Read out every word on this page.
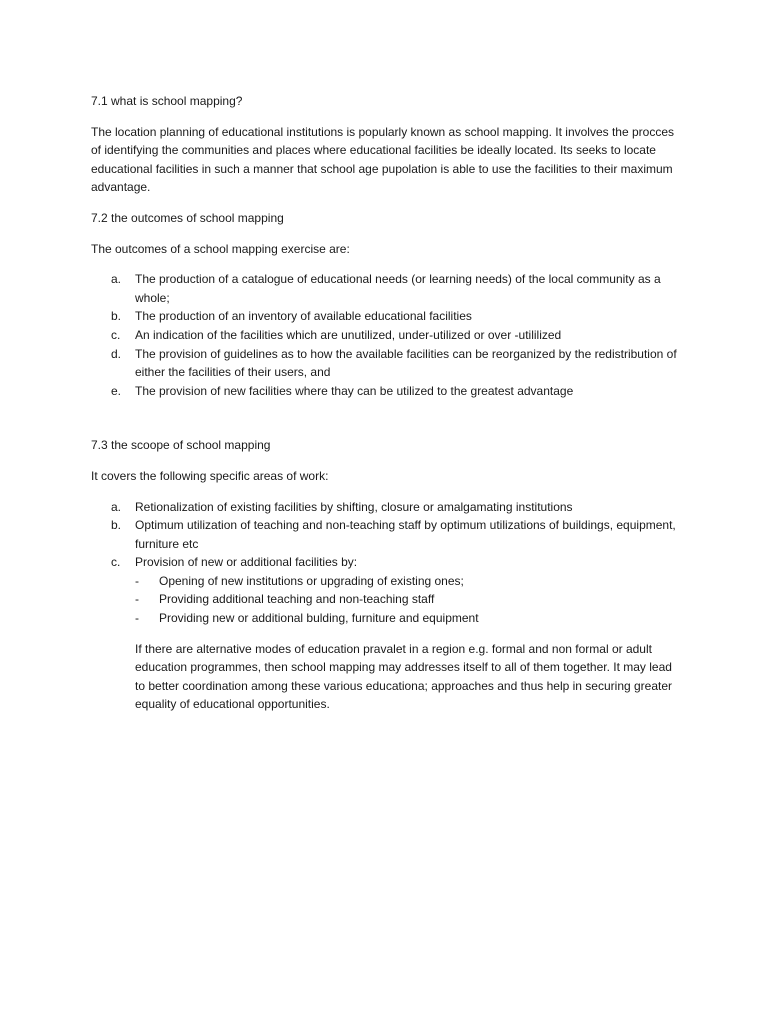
7.1 what is school mapping?
The location planning of educational institutions is popularly known as school mapping. It involves the procces of identifying the communities and places where educational facilities be ideally located. Its seeks to locate educational facilities in such a manner that school age pupolation is able to use the facilities to their maximum advantage.
7.2 the outcomes of school mapping
The outcomes of a school mapping exercise are:
a.	The production of a catalogue of educational needs (or learning needs) of the local community as a whole;
b.	The production of an inventory of available educational facilities
c.	An indication of the facilities which are unutilized, under-utilized or over -utililized
d.	The provision of guidelines as to how the available facilities can be reorganized by the redistribution of either the facilities of their users, and
e.	The provision of new facilities where thay can be utilized to the greatest advantage
7.3 the scoope of school mapping
It covers the following specific areas of work:
a.	Retionalization of existing facilities by shifting, closure or amalgamating institutions
b.	Optimum utilization of teaching and non-teaching staff by optimum utilizations of buildings, equipment, furniture etc
c.	Provision of new or additional facilities by:
-	Opening of new institutions or upgrading of existing ones;
-	Providing additional teaching and non-teaching staff
-	Providing new or additional bulding, furniture and equipment
If there are alternative modes of education pravalet in a region e.g. formal and non formal or adult education programmes, then school mapping may addresses itself to all of them together. It may lead to better coordination among these various educationa; approaches and thus help in securing greater equality of educational opportunities.
